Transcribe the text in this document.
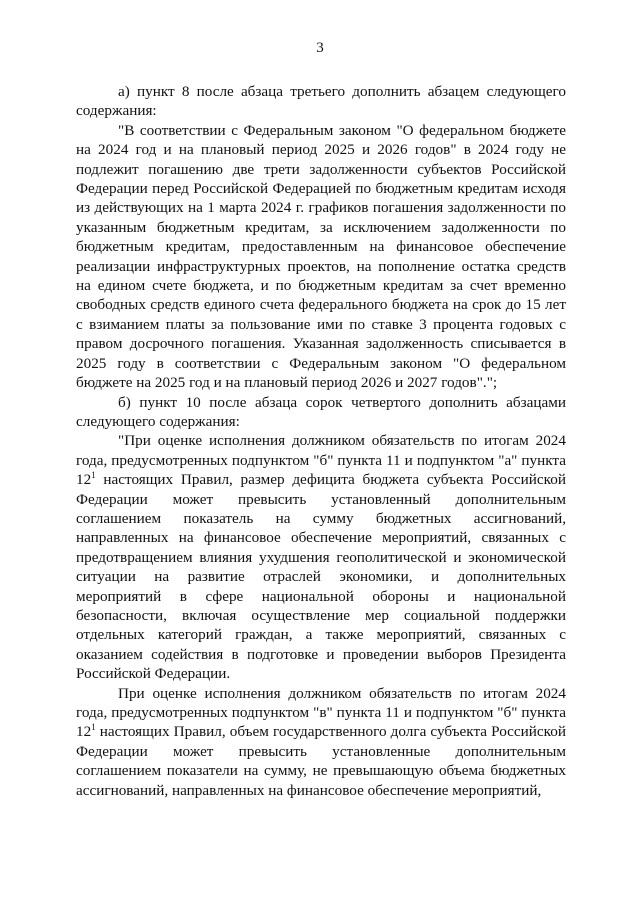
3

а) пункт 8 после абзаца третьего дополнить абзацем следующего содержания:

"В соответствии с Федеральным законом "О федеральном бюджете на 2024 год и на плановый период 2025 и 2026 годов" в 2024 году не подлежит погашению две трети задолженности субъектов Российской Федерации перед Российской Федерацией по бюджетным кредитам исходя из действующих на 1 марта 2024 г. графиков погашения задолженности по указанным бюджетным кредитам, за исключением задолженности по бюджетным кредитам, предоставленным на финансовое обеспечение реализации инфраструктурных проектов, на пополнение остатка средств на едином счете бюджета, и по бюджетным кредитам за счет временно свободных средств единого счета федерального бюджета на срок до 15 лет с взиманием платы за пользование ими по ставке 3 процента годовых с правом досрочного погашения. Указанная задолженность списывается в 2025 году в соответствии с Федеральным законом "О федеральном бюджете на 2025 год и на плановый период 2026 и 2027 годов".";

б) пункт 10 после абзаца сорок четвертого дополнить абзацами следующего содержания:

"При оценке исполнения должником обязательств по итогам 2024 года, предусмотренных подпунктом "б" пункта 11 и подпунктом "а" пункта $12^1$ настоящих Правил, размер дефицита бюджета субъекта Российской Федерации может превысить установленный дополнительным соглашением показатель на сумму бюджетных ассигнований, направленных на финансовое обеспечение мероприятий, связанных с предотвращением влияния ухудшения геополитической и экономической ситуации на развитие отраслей экономики, и дополнительных мероприятий в сфере национальной обороны и национальной безопасности, включая осуществление мер социальной поддержки отдельных категорий граждан, а также мероприятий, связанных с оказанием содействия в подготовке и проведении выборов Президента Российской Федерации.

При оценке исполнения должником обязательств по итогам 2024 года, предусмотренных подпунктом "в" пункта 11 и подпунктом "б" пункта $12^1$ настоящих Правил, объем государственного долга субъекта Российской Федерации может превысить установленные дополнительным соглашением показатели на сумму, не превышающую объема бюджетных ассигнований, направленных на финансовое обеспечение мероприятий,
